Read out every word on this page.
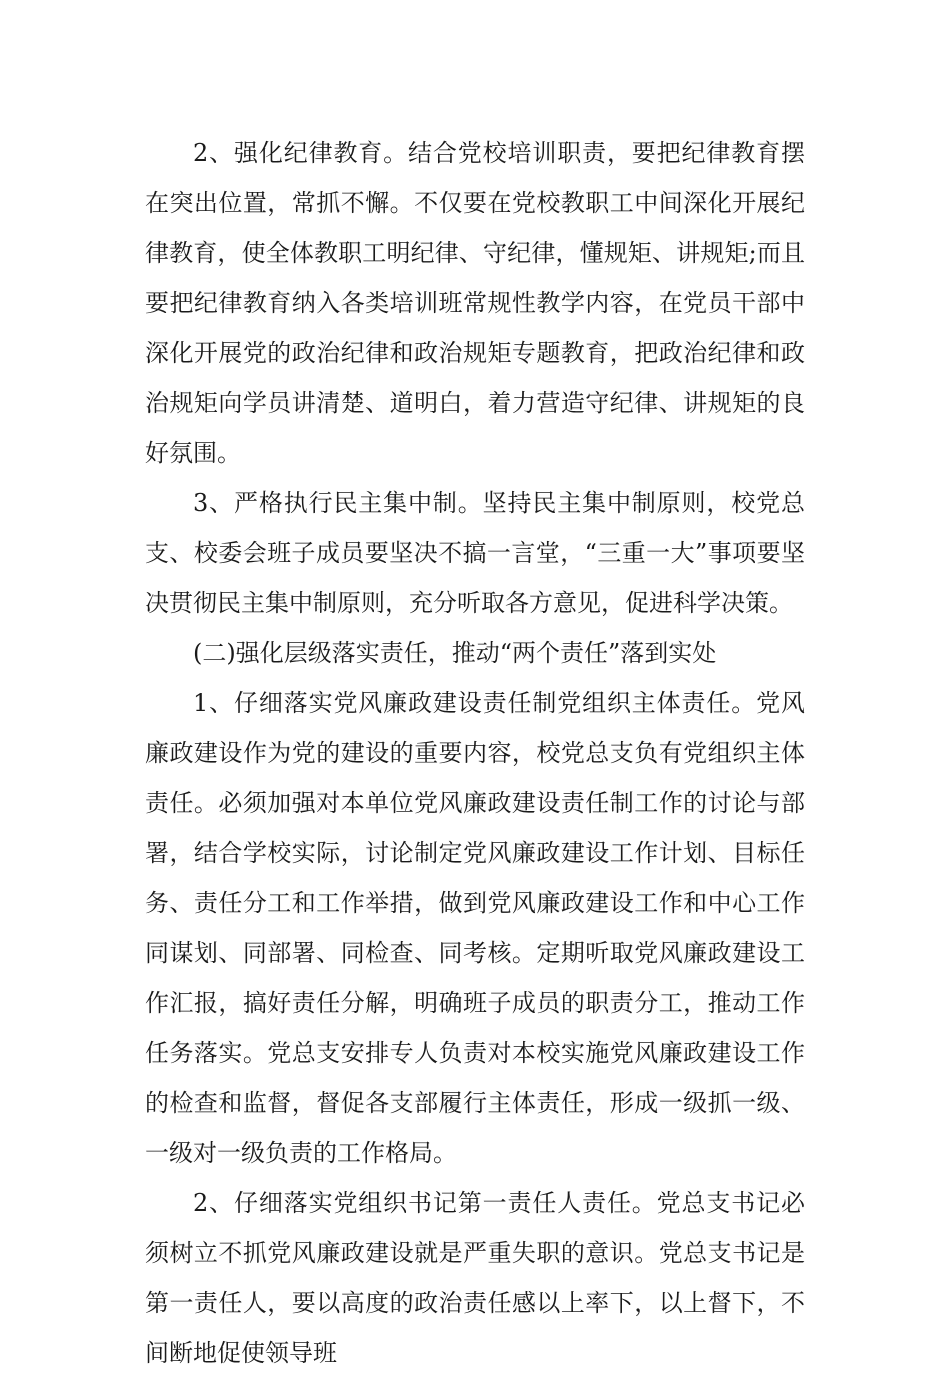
2、强化纪律教育。结合党校培训职责，要把纪律教育摆在突出位置，常抓不懈。不仅要在党校教职工中间深化开展纪律教育，使全体教职工明纪律、守纪律，懂规矩、讲规矩;而且要把纪律教育纳入各类培训班常规性教学内容，在党员干部中深化开展党的政治纪律和政治规矩专题教育，把政治纪律和政治规矩向学员讲清楚、道明白，着力营造守纪律、讲规矩的良好氛围。

3、严格执行民主集中制。坚持民主集中制原则，校党总支、校委会班子成员要坚决不搞一言堂，“三重一大”事项要坚决贯彻民主集中制原则，充分听取各方意见，促进科学决策。

(二)强化层级落实责任，推动“两个责任”落到实处

1、仔细落实党风廉政建设责任制党组织主体责任。党风廉政建设作为党的建设的重要内容，校党总支负有党组织主体责任。必须加强对本单位党风廉政建设责任制工作的讨论与部署，结合学校实际，讨论制定党风廉政建设工作计划、目标任务、责任分工和工作举措，做到党风廉政建设工作和中心工作同谋划、同部署、同检查、同考核。定期听取党风廉政建设工作汇报，搞好责任分解，明确班子成员的职责分工，推动工作任务落实。党总支安排专人负责对本校实施党风廉政建设工作的检查和监督，督促各支部履行主体责任，形成一级抓一级、一级对一级负责的工作格局。

2、仔细落实党组织书记第一责任人责任。党总支书记必须树立不抓党风廉政建设就是严重失职的意识。党总支书记是第一责任人，要以高度的政治责任感以上率下，以上督下，不间断地促使领导班
